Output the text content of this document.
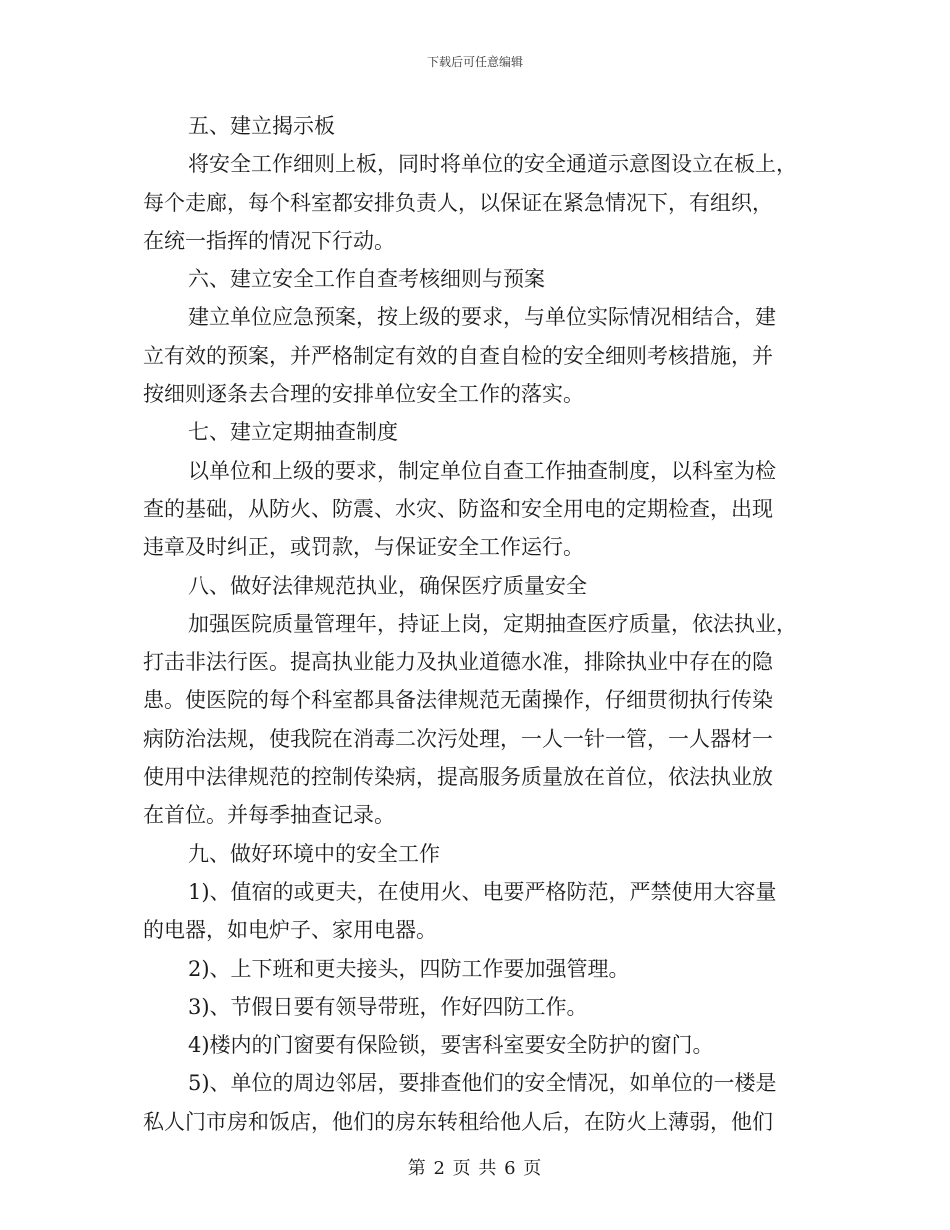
下载后可任意编辑
五、建立揭示板
将安全工作细则上板，同时将单位的安全通道示意图设立在板上，
每个走廊，每个科室都安排负责人，以保证在紧急情况下，有组织，
在统一指挥的情况下行动。
六、建立安全工作自查考核细则与预案
建立单位应急预案，按上级的要求，与单位实际情况相结合，建
立有效的预案，并严格制定有效的自查自检的安全细则考核措施，并
按细则逐条去合理的安排单位安全工作的落实。
七、建立定期抽查制度
以单位和上级的要求，制定单位自查工作抽查制度，以科室为检
查的基础，从防火、防震、水灾、防盗和安全用电的定期检查，出现
违章及时纠正，或罚款，与保证安全工作运行。
八、做好法律规范执业，确保医疗质量安全
加强医院质量管理年，持证上岗，定期抽查医疗质量，依法执业，
打击非法行医。提高执业能力及执业道德水准，排除执业中存在的隐
患。使医院的每个科室都具备法律规范无菌操作，仔细贯彻执行传染
病防治法规，使我院在消毒二次污处理，一人一针一管，一人器材一
使用中法律规范的控制传染病，提高服务质量放在首位，依法执业放
在首位。并每季抽查记录。
九、做好环境中的安全工作
1)、值宿的或更夫，在使用火、电要严格防范，严禁使用大容量
的电器，如电炉子、家用电器。
2)、上下班和更夫接头，四防工作要加强管理。
3)、节假日要有领导带班，作好四防工作。
4)楼内的门窗要有保险锁，要害科室要安全防护的窗门。
5)、单位的周边邻居，要排查他们的安全情况，如单位的一楼是
私人门市房和饭店，他们的房东转租给他人后，在防火上薄弱，他们
第 2 页 共 6 页
